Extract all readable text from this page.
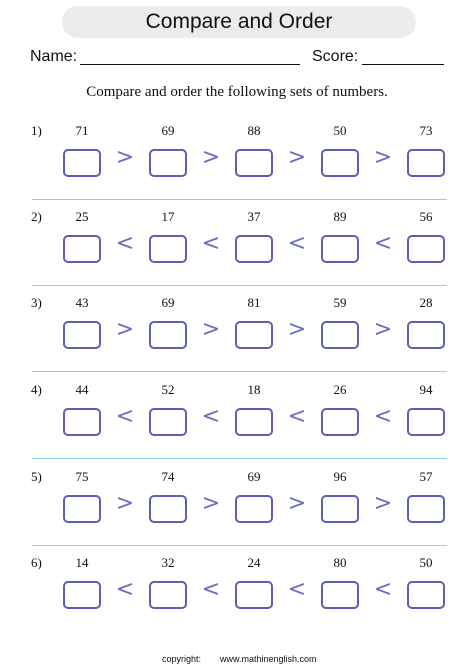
Compare and Order
Name:	Score:
Compare and order the following sets of numbers.
1)	71
>
69
>
88
>
50
>
73
2)	25
<
17
<
37
<
89
<
56
3)	43
>
69
>
81
>
59
>
28
4)	44
<
52
<
18
<
26
<
94
5)	75
>
74
>
69
>
96
>
57
6)	14
<
32
<
24
<
80
<
50
copyright: www.mathinenglish.com
